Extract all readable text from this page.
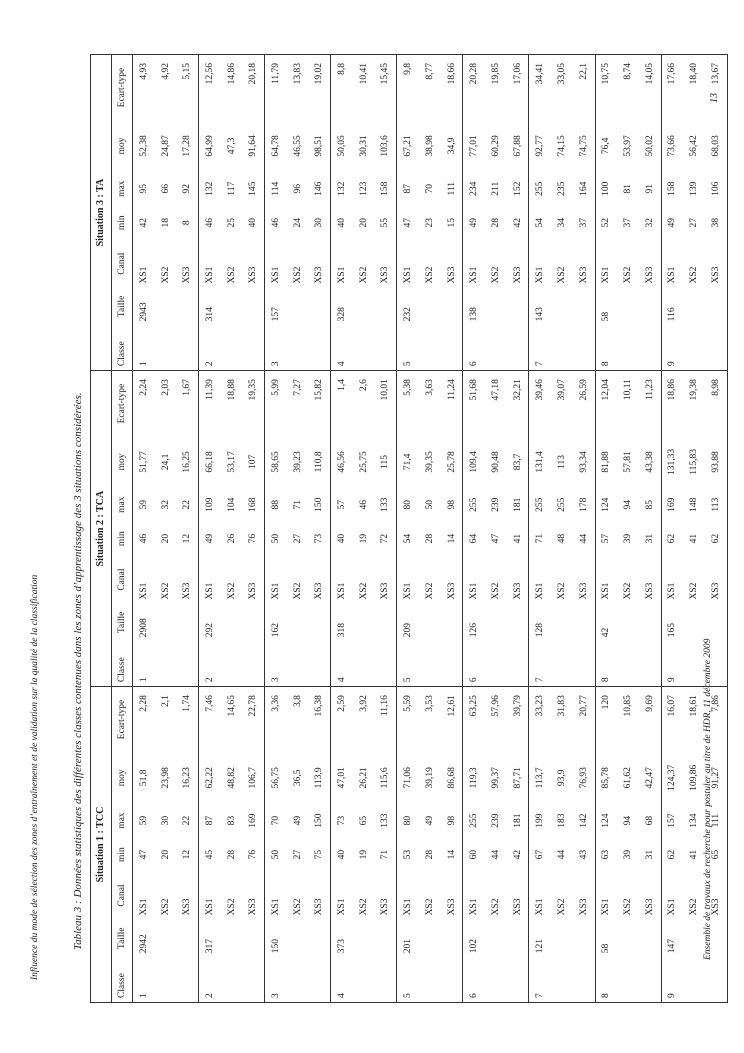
Influence du mode de sélection des zones d’entraînement et de validation sur la qualité de la classification	Tableau 3 : Données statistiques des différentes classes contenues dans les zones d’apprentissage des 3 situations considérées.	Ensemble de travaux de recherche pour postuler au titre de HDR, 11 décembre 2009
13
Situation 1 : TCC							Situation 2 : TCA							Situation 3 : TA						
Classe	Taille	Canal	min	max	moy	Ecart-type	Classe	Taille	Canal	min	max	moy	Ecart-type	Classe	Taille	Canal	min	max	moy	Ecart-type
1	2942	XS1	47	59	51,8	2,28	1	2908	XS1	46	59	51,77	2,24	1	2943	XS1	42	95	52,38	4,93
		XS2	20	30	23,98	2,1			XS2	20	32	24,1	2,03			XS2	18	66	24,87	4,92
		XS3	12	22	16,23	1,74			XS3	12	22	16,25	1,67			XS3	8	92	17,28	5,15
2	317	XS1	45	87	62,22	7,46	2	292	XS1	49	109	66,18	11,39	2	314	XS1	46	132	64,99	12,56
		XS2	28	83	48,82	14,65			XS2	26	104	53,17	18,88			XS2	25	117	47,3	14,86
		XS3	76	169	106,7	22,78			XS3	76	168	107	19,35			XS3	40	145	91,64	20,18
3	150	XS1	50	70	56,75	3,36	3	162	XS1	50	88	58,65	5,99	3	157	XS1	46	114	64,78	11,79
		XS2	27	49	36,5	3,8			XS2	27	71	39,23	7,27			XS2	24	96	46,55	13,83
		XS3	75	150	113,9	16,38			XS3	73	150	110,8	15,82			XS3	30	146	98,51	19,02
4	373	XS1	40	73	47,01	2,59	4	318	XS1	40	57	46,56	1,4	4	328	XS1	40	132	50,05	8,8
		XS2	19	65	26,21	3,92			XS2	19	46	25,75	2,6			XS2	20	123	30,31	10,41
		XS3	71	133	115,6	11,16			XS3	72	133	115	10,01			XS3	55	158	103,6	15,45
5	201	XS1	53	80	71,06	5,59	5	209	XS1	54	80	71,4	5,38	5	232	XS1	47	87	67,21	9,8
		XS2	28	49	39,19	3,53			XS2	28	50	39,35	3,63			XS2	23	70	38,98	8,77
		XS3	14	98	86,68	12,61			XS3	14	98	25,78	11,24			XS3	15	111	34,9	18,66
6	102	XS1	60	255	119,3	63,25	6	126	XS1	64	255	109,4	51,68	6	138	XS1	49	234	77,01	20,28
		XS2	44	239	99,37	57,96			XS2	47	239	90,48	47,18			XS2	28	211	60,29	19,85
		XS3	42	181	87,71	39,79			XS3	41	181	83,7	32,21			XS3	42	152	67,88	17,06
7	121	XS1	67	199	113,7	33,23	7	128	XS1	71	255	131,4	39,46	7	143	XS1	54	255	92,77	34,41
		XS2	44	183	93,9	31,83			XS2	48	255	113	39,07			XS2	34	235	74,15	33,05
		XS3	43	142	76,93	20,77			XS3	44	178	93,34	26,59			XS3	37	164	74,75	22,1
8	58	XS1	63	124	85,78	120	8	42	XS1	57	124	81,88	12,04	8	58	XS1	52	100	76,4	10,75
		XS2	39	94	61,62	10,85			XS2	39	94	57,81	10,11			XS2	37	81	53,97	8,74
		XS3	31	68	42,47	9,69			XS3	31	85	43,38	11,23			XS3	32	91	50,02	14,05
9	147	XS1	62	157	124,37	16,07	9	165	XS1	62	169	131,33	18,86	9	116	XS1	49	158	73,66	17,66
		XS2	41	134	109,86	18,61			XS2	41	148	115,83	19,38			XS2	27	139	56,42	18,40
		XS3	65	111	91,27	7,86			XS3	62	113	93,88	8,98			XS3	38	106	68,03	13,67
